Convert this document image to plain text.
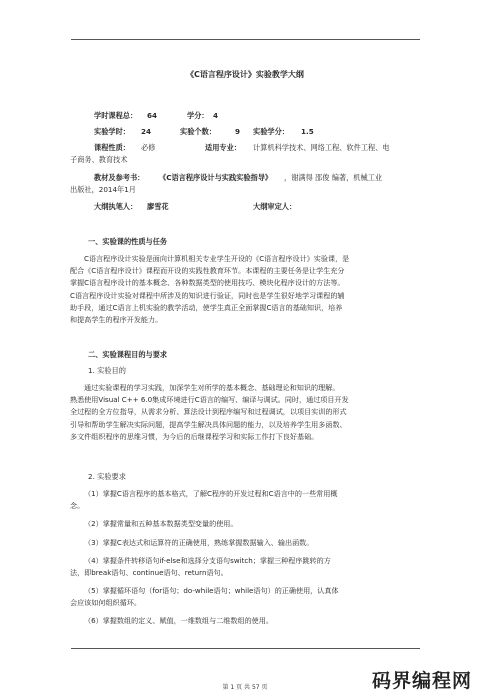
《C语言程序设计》实验教学大纲
学时课程总： 64	学分： 4
实验学时： 24	实验个数：	9 实验学分： 1.5
课程性质： 必修	适用专业： 计算机科学技术、网络工程、软件工程、电
子商务、教育技术
教材及参考书： 《C语言程序设计与实践实验指导》 ，谢满得 邵俊 编著，机械工业
出版社，2014年1月
大纲执笔人： 廖雪花	大纲审定人：
一、实验课的性质与任务
C语言程序设计实验是面向计算机相关专业学生开设的《C语言程序设计》实验课，是
配合《C语言程序设计》课程而开设的实践性教育环节。本课程的主要任务是让学生充分
掌握C语言程序设计的基本概念、各种数据类型的使用技巧、模块化程序设计的方法等。
C语言程序设计实验对课程中所涉及的知识进行验证，同时也是学生很好地学习课程的辅
助手段，通过C语言上机实验的教学活动，使学生真正全面掌握C语言的基础知识，培养
和提高学生的程序开发能力。
二、实验课程目的与要求
1. 实验目的
通过实验课程的学习实践，加深学生对所学的基本概念、基础理论和知识的理解。
熟悉使用Visual C++ 6.0集成环境进行C语言的编写、编译与调试。同时，通过项目开发
全过程的全方位指导，从需求分析、算法设计到程序编写和过程调试，以项目实训的形式
引导和帮助学生解决实际问题，提高学生解决具体问题的能力，以及培养学生用多函数、
多文件组织程序的思维习惯，为今后的后继课程学习和实际工作打下良好基础。
2. 实验要求
（1）掌握C语言程序的基本格式，了解C程序的开发过程和C语言中的一些常用概
念。
（2）掌握常量和五种基本数据类型变量的使用。
（3）掌握C表达式和运算符的正确使用，熟练掌握数据输入、输出函数。
（4）掌握条件转移语句if-else和选择分支语句switch；掌握三种程序跳转的方
法，即break语句、continue语句、return语句。
（5）掌握循环语句（for语句；do-while语句；while语句）的正确使用，认真体
会应该如何组织循环。
（6）掌握数组的定义、赋值，一维数组与二维数组的使用。
第 1 页 共 57 页	码界编程网
